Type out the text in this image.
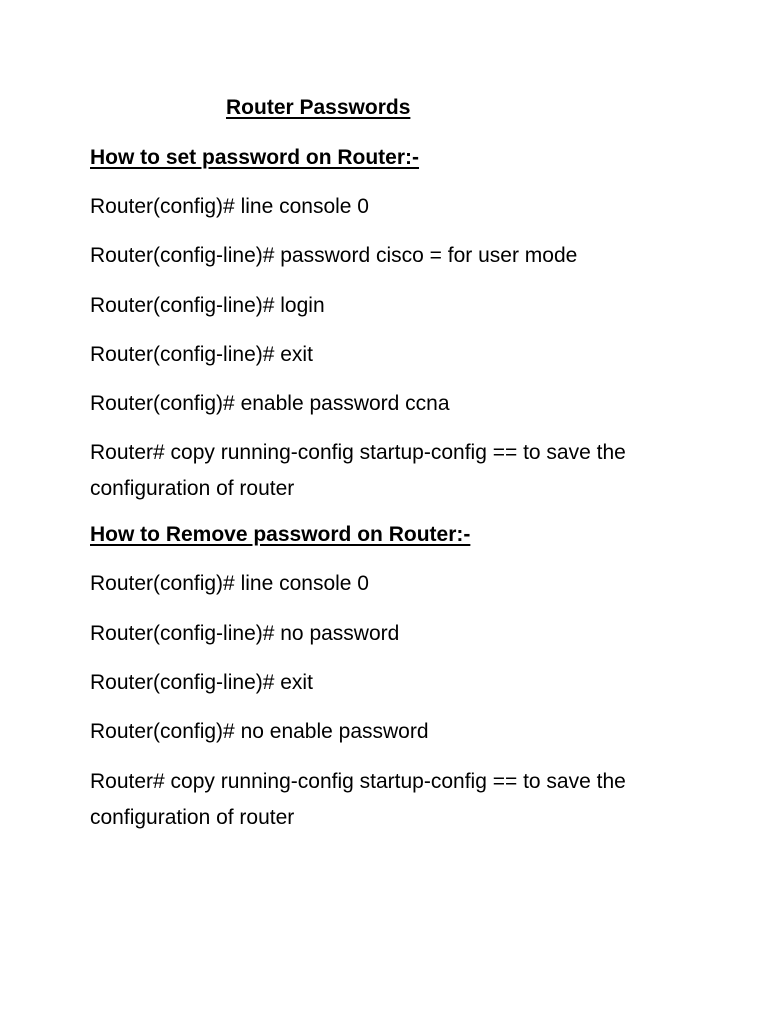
Router Passwords
How to set password on Router:-
Router(config)# line console 0
Router(config-line)# password cisco = for user mode
Router(config-line)# login
Router(config-line)# exit
Router(config)# enable password ccna
Router# copy running-config startup-config == to save the configuration of router
How to Remove password on Router:-
Router(config)# line console 0
Router(config-line)# no password
Router(config-line)# exit
Router(config)# no enable password
Router# copy running-config startup-config == to save the configuration of router
